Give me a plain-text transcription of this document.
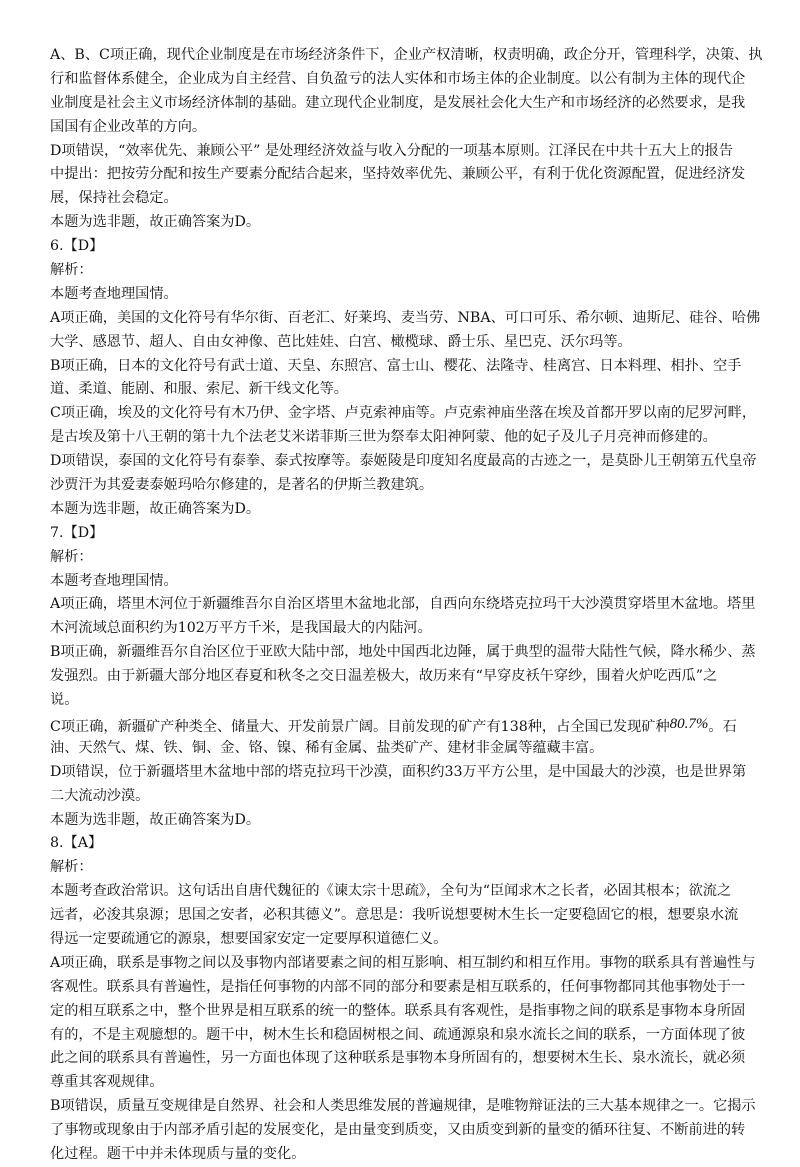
A、B、C项正确，现代企业制度是在市场经济条件下，企业产权清晰，权责明确，政企分开，管理科学，决策、执
行和监督体系健全，企业成为自主经营、自负盈亏的法人实体和市场主体的企业制度。以公有制为主体的现代企
业制度是社会主义市场经济体制的基础。建立现代企业制度，是发展社会化大生产和市场经济的必然要求，是我
国国有企业改革的方向。
D项错误，“效率优先、兼顾公平” 是处理经济效益与收入分配的一项基本原则。江泽民在中共十五大上的报告
中提出：把按劳分配和按生产要素分配结合起来，坚持效率优先、兼顾公平，有利于优化资源配置，促进经济发
展，保持社会稳定。
本题为选非题，故正确答案为D。
6.【D】
解析：
本题考查地理国情。
A项正确，美国的文化符号有华尔街、百老汇、好莱坞、麦当劳、NBA、可口可乐、希尔顿、迪斯尼、硅谷、哈佛
大学、感恩节、超人、自由女神像、芭比娃娃、白宫、橄榄球、爵士乐、星巴克、沃尔玛等。
B项正确，日本的文化符号有武士道、天皇、东照宫、富士山、樱花、法隆寺、桂离宫、日本料理、相扑、空手
道、柔道、能剧、和服、索尼、新干线文化等。
C项正确，埃及的文化符号有木乃伊、金字塔、卢克索神庙等。卢克索神庙坐落在埃及首都开罗以南的尼罗河畔，
是古埃及第十八王朝的第十九个法老艾米诺菲斯三世为祭奉太阳神阿蒙、他的妃子及儿子月亮神而修建的。
D项错误，泰国的文化符号有泰拳、泰式按摩等。泰姬陵是印度知名度最高的古迹之一，是莫卧儿王朝第五代皇帝
沙贾汗为其爱妻泰姬玛哈尔修建的，是著名的伊斯兰教建筑。
本题为选非题，故正确答案为D。
7.【D】
解析：
本题考查地理国情。
A项正确，塔里木河位于新疆维吾尔自治区塔里木盆地北部，自西向东绕塔克拉玛干大沙漠贯穿塔里木盆地。塔里
木河流域总面积约为102万平方千米，是我国最大的内陆河。
B项正确，新疆维吾尔自治区位于亚欧大陆中部，地处中国西北边陲，属于典型的温带大陆性气候，降水稀少、蒸
发强烈。由于新疆大部分地区春夏和秋冬之交日温差极大，故历来有“早穿皮袄午穿纱，围着火炉吃西瓜”之
说。
C项正确，新疆矿产种类全、储量大、开发前景广阔。目前发现的矿产有138种，占全国已发现矿种80.7%。石
油、天然气、煤、铁、铜、金、铬、镍、稀有金属、盐类矿产、建材非金属等蕴藏丰富。
D项错误，位于新疆塔里木盆地中部的塔克拉玛干沙漠，面积约33万平方公里，是中国最大的沙漠，也是世界第
二大流动沙漠。
本题为选非题，故正确答案为D。
8.【A】
解析：
本题考查政治常识。这句话出自唐代魏征的《谏太宗十思疏》，全句为“臣闻求木之长者，必固其根本；欲流之
远者，必浚其泉源；思国之安者，必积其德义”。意思是：我听说想要树木生长一定要稳固它的根，想要泉水流
得远一定要疏通它的源泉，想要国家安定一定要厚积道德仁义。
A项正确，联系是事物之间以及事物内部诸要素之间的相互影响、相互制约和相互作用。事物的联系具有普遍性与
客观性。联系具有普遍性，是指任何事物的内部不同的部分和要素是相互联系的，任何事物都同其他事物处于一
定的相互联系之中，整个世界是相互联系的统一的整体。联系具有客观性，是指事物之间的联系是事物本身所固
有的，不是主观臆想的。题干中，树木生长和稳固树根之间、疏通源泉和泉水流长之间的联系，一方面体现了彼
此之间的联系具有普遍性，另一方面也体现了这种联系是事物本身所固有的，想要树木生长、泉水流长，就必须
尊重其客观规律。
B项错误，质量互变规律是自然界、社会和人类思维发展的普遍规律，是唯物辩证法的三大基本规律之一。它揭示
了事物或现象由于内部矛盾引起的发展变化，是由量变到质变，又由质变到新的量变的循环往复、不断前进的转
化过程。题干中并未体现质与量的变化。
